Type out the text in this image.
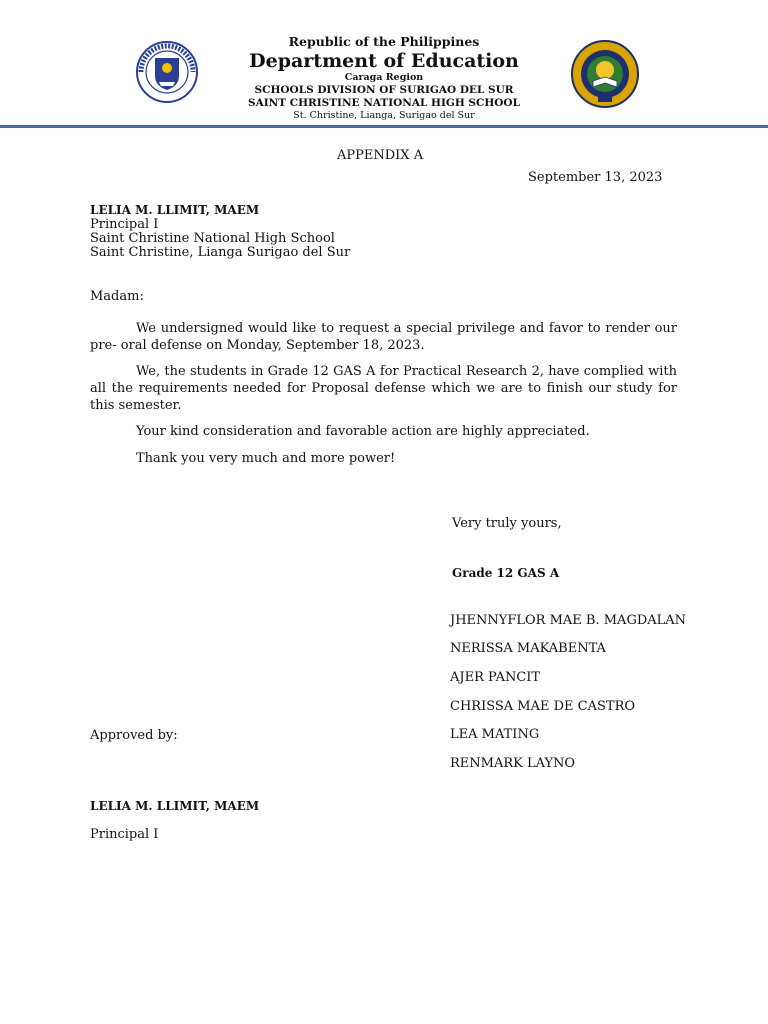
Republic of the Philippines
Department of Education
Caraga Region
SCHOOLS DIVISION OF SURIGAO DEL SUR
SAINT CHRISTINE NATIONAL HIGH SCHOOL
St. Christine, Lianga, Surigao del Sur
APPENDIX A
September 13, 2023
LELIA M. LLIMIT, MAEM
Principal I
Saint Christine National High School
Saint Christine, Lianga Surigao del Sur
Madam:
We undersigned would like to request a special privilege and favor to render our pre- oral defense on Monday, September 18, 2023.
We, the students in Grade 12 GAS A for Practical Research 2, have complied with all the requirements needed for Proposal defense which we are to finish our study for this semester.
Your kind consideration and favorable action are highly appreciated.
Thank you very much and more power!
Very truly yours,
Grade 12 GAS A
JHENNYFLOR MAE B. MAGDALAN
NERISSA MAKABENTA
AJER PANCIT
CHRISSA MAE DE CASTRO
LEA MATING
RENMARK LAYNO
Approved by:
LELIA M. LLIMIT, MAEM
Principal I
